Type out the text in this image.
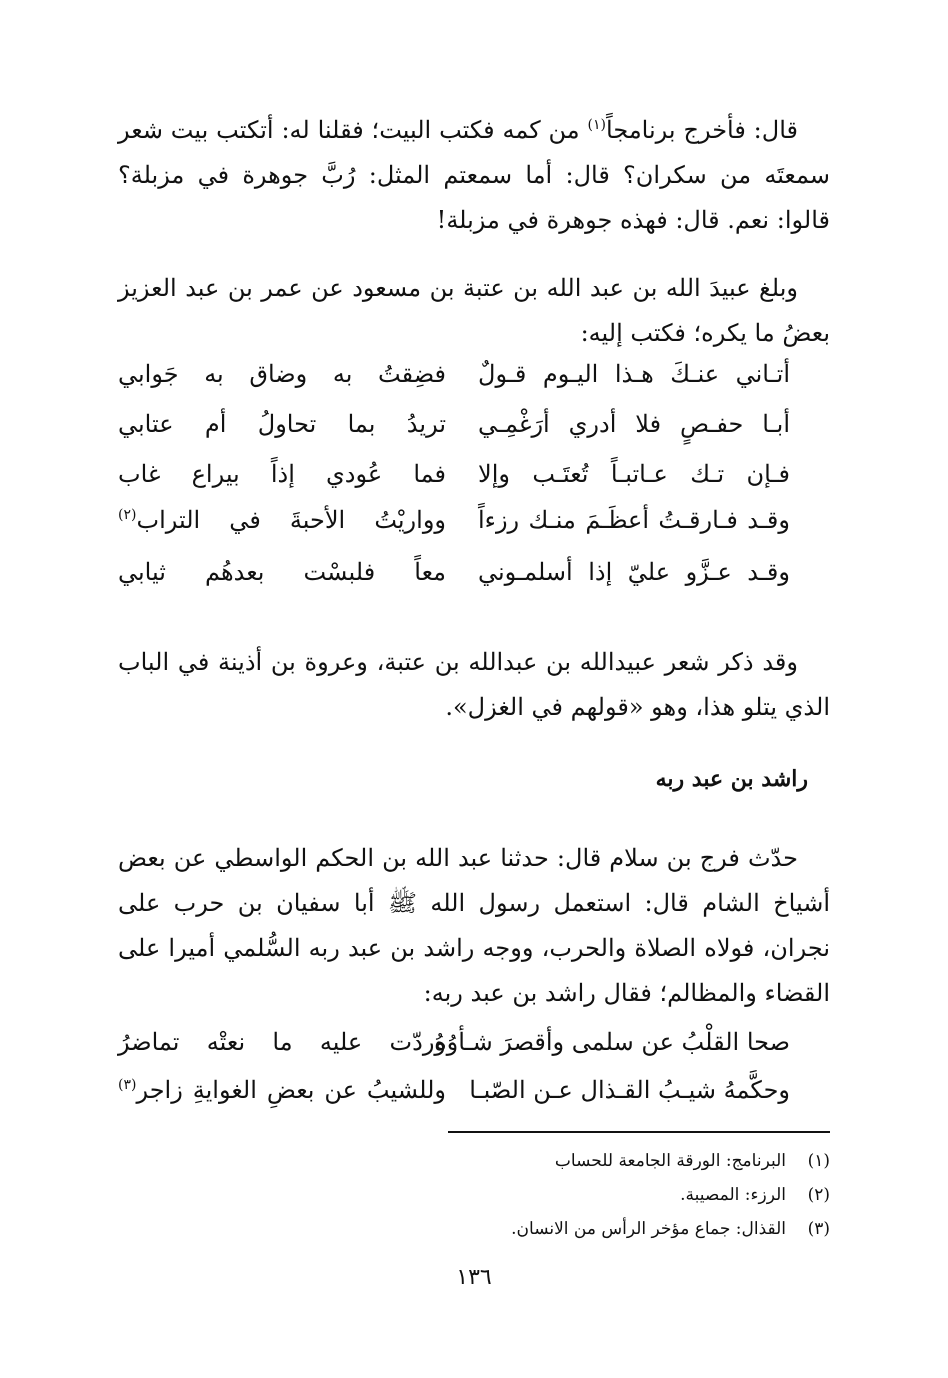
قال: فأخرج برنامجاً$^{(١)}$ من كمه فكتب البيت؛ فقلنا له: أتكتب بيت شعر سمعتَه من سكران؟ قال: أما سمعتم المثل: رُبَّ جوهرة في مزبلة؟ قالوا: نعم. قال: فهذه جوهرة في مزبلة!

وبلغ عبيدَ الله بن عبد الله بن عتبة بن مسعود عن عمر بن عبد العزيز بعضُ ما يكره؛ فكتب إليه:

أتـاني عنـكَ هـذا اليـوم قـولٌ
فضِقتُ به وضاق به جَوابي
أبـا حفـصٍ فلا أدري أرَغْمِـي
تريدُ بما تحاولُ أم عتابي
فـإن تـك عـاتبـاً تُعتَـب وإلا
فما عُودي إذاً بيراع غاب
وقـد فـارقـتُ أعظَـمَ منـك رزءاً
وواريْتُ الأحبةَ في التراب$^{(٢)}$
وقـد عـزَّو عليّ إذا أسلمـوني
معاً فلبسْت بعدهُم ثيابي

وقد ذكر شعر عبيدالله بن عبدالله بن عتبة، وعروة بن أذينة في الباب الذي يتلو هذا، وهو «قولهم في الغزل».

راشد بن عبد ربه

حدّث فرج بن سلام قال: حدثنا عبد الله بن الحكم الواسطي عن بعض أشياخ الشام قال: استعمل رسول الله ﷺ أبا سفيان بن حرب على نجران، فولاه الصلاة والحرب، ووجه راشد بن عبد ربه السُّلمي أميرا على القضاء والمظالم؛ فقال راشد بن عبد ربه:

صحا القلْبُ عن سلمى وأقصرَ شـأوُهُ
وردّت عليه ما نعتْه تماضرُ
وحكَّمهُ شيـبُ القـذال عـن الصّبـا
وللشيبُ عن بعضِ الغوايةِ زاجر$^{(٣)}$
(١)البرنامج: الورقة الجامعة للحساب
(٢)الرزء: المصيبة.
(٣)القذال: جماع مؤخر الرأس من الانسان.
١٣٦
